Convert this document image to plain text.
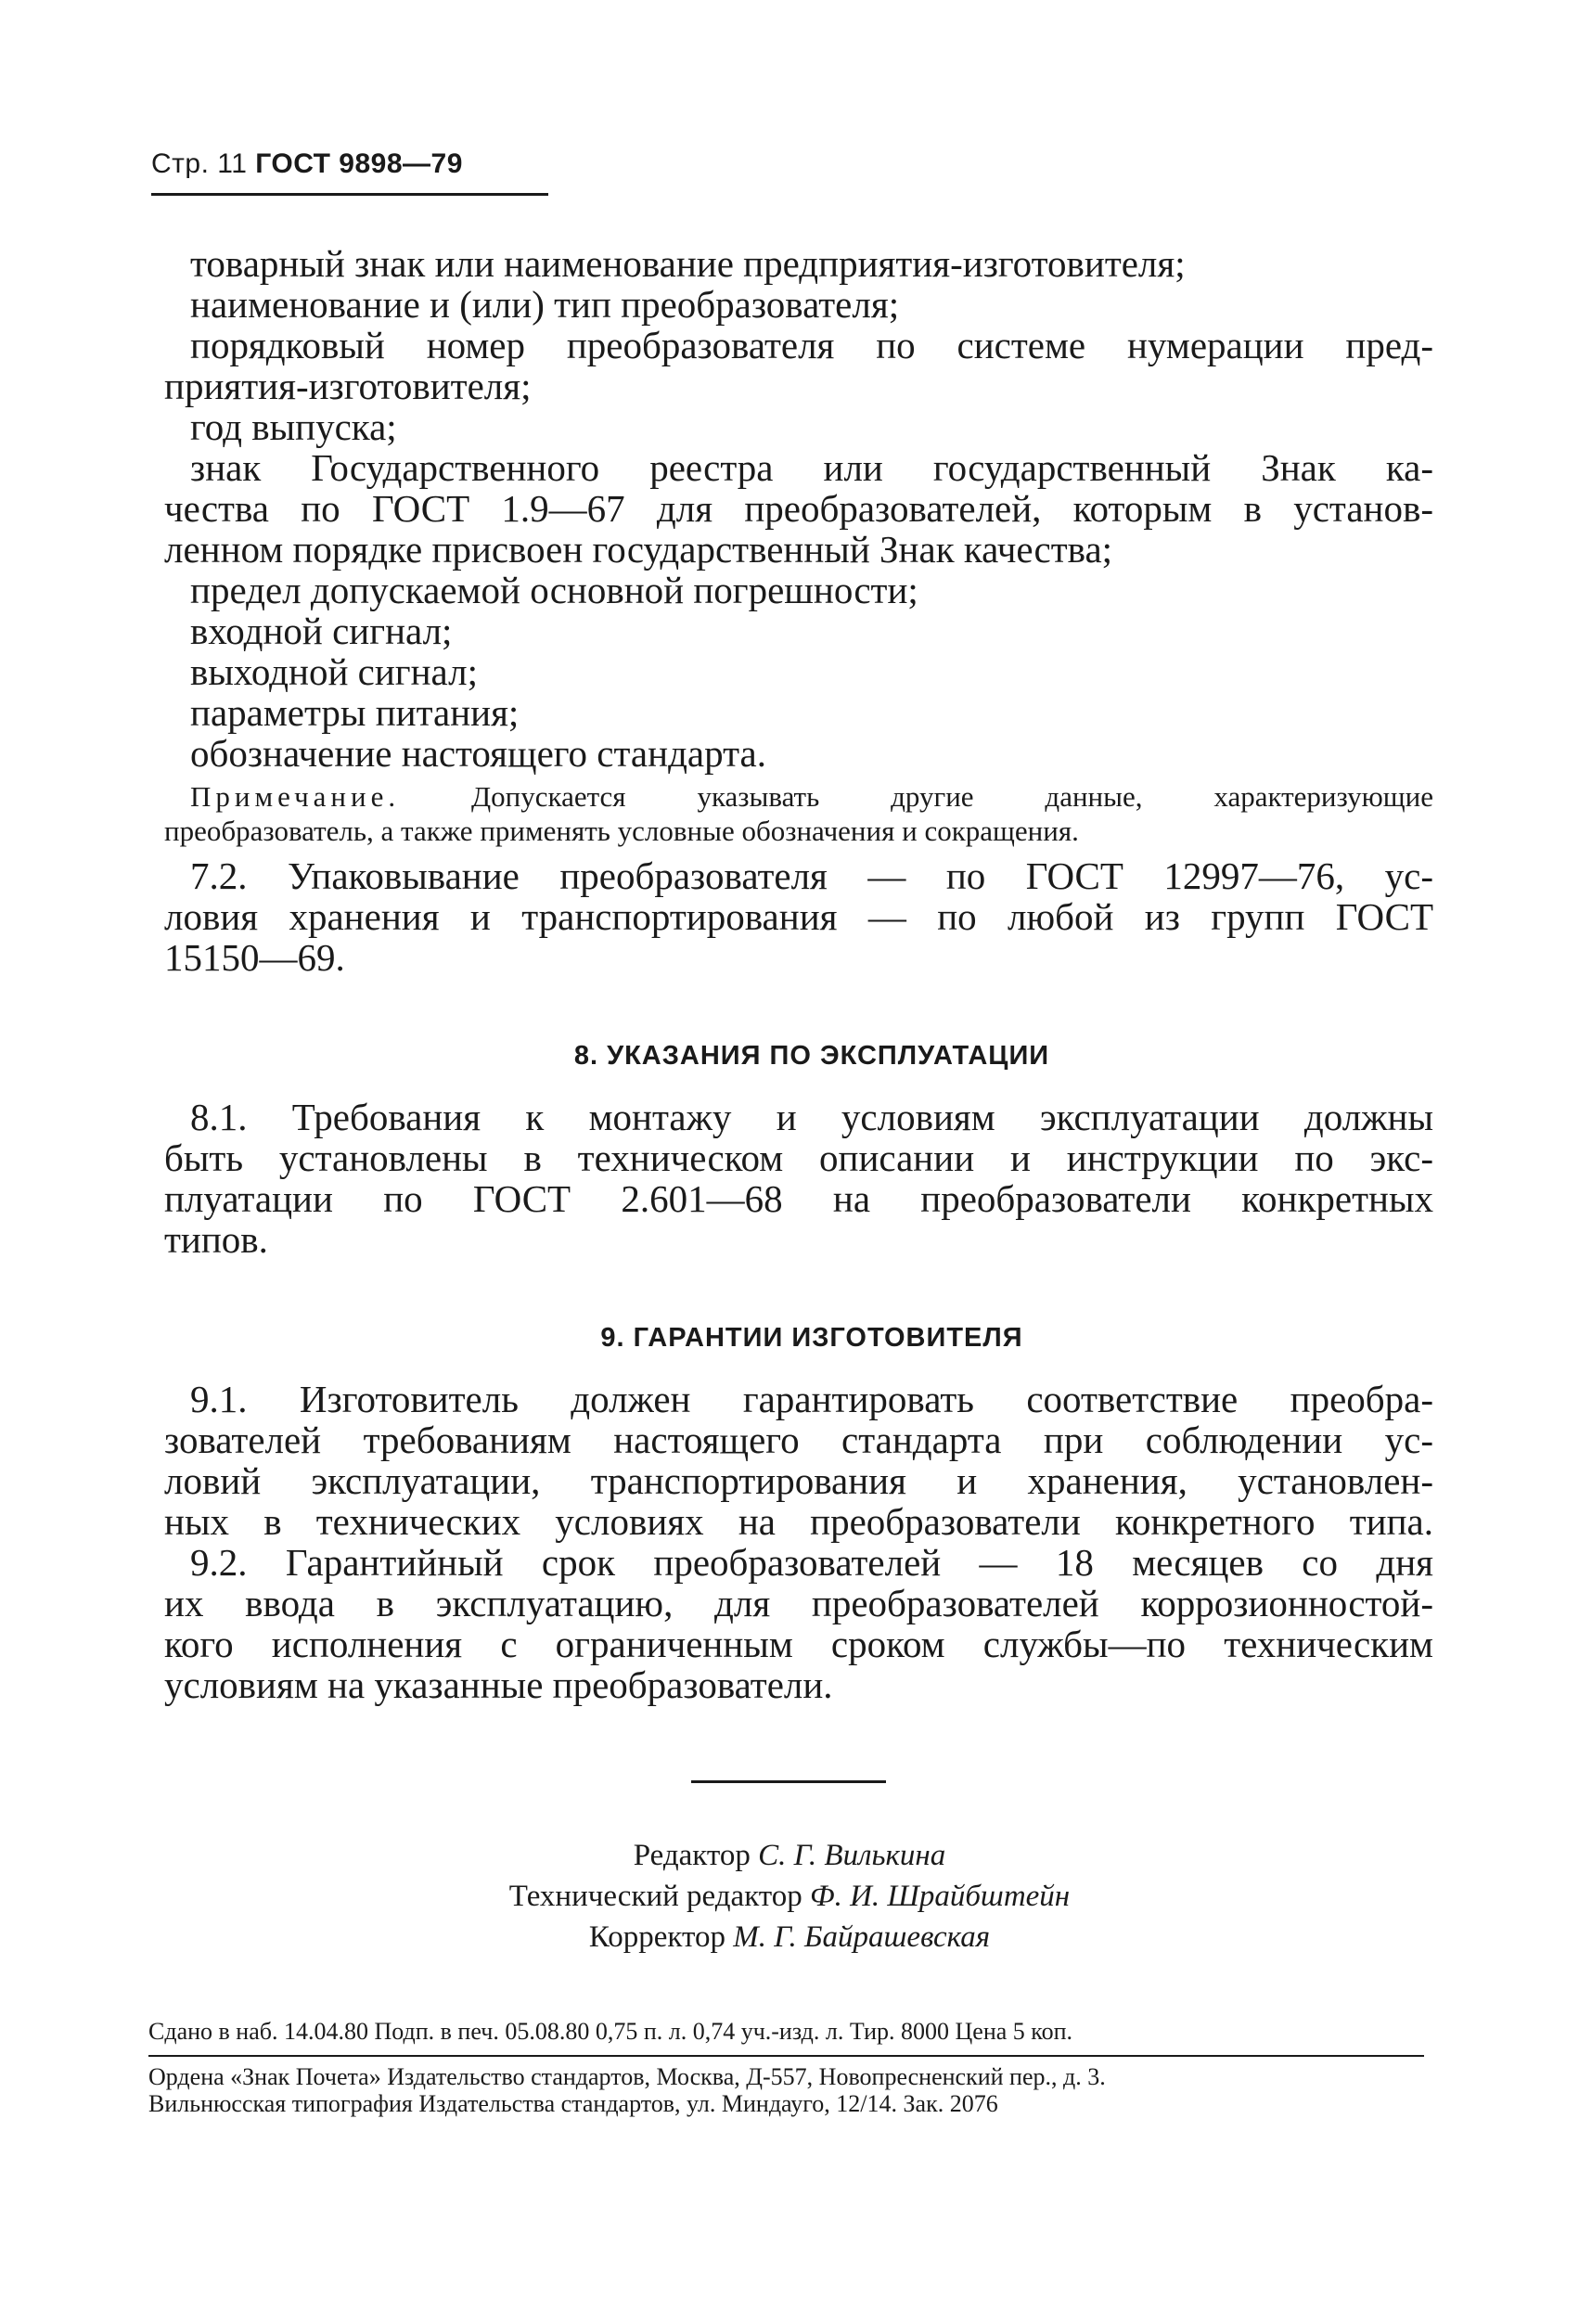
Стр. 11 ГОСТ 9898—79

товарный знак или наименование предприятия-изготовителя;

наименование и (или) тип преобразователя;

порядковый номер преобразователя по системе нумерации пред-

приятия-изготовителя;

год выпуска;

знак Государственного реестра или государственный Знак ка-

чества по ГОСТ 1.9—67 для преобразователей, которым в установ-

ленном порядке присвоен государственный Знак качества;

предел допускаемой основной погрешности;

входной сигнал;

выходной сигнал;

параметры питания;

обозначение настоящего стандарта.

Примечание. Допускается указывать другие данные, характеризующие
преобразователь, а также применять условные обозначения и сокращения.

7.2. Упаковывание преобразователя — по ГОСТ 12997—76, ус-

ловия хранения и транспортирования — по любой из групп ГОСТ

15150—69.

8. УКАЗАНИЯ ПО ЭКСПЛУАТАЦИИ

8.1. Требования к монтажу и условиям эксплуатации должны

быть установлены в техническом описании и инструкции по экс-

плуатации по ГОСТ 2.601—68 на преобразователи конкретных

типов.

9. ГАРАНТИИ ИЗГОТОВИТЕЛЯ

9.1. Изготовитель должен гарантировать соответствие преобра-

зователей требованиям настоящего стандарта при соблюдении ус-

ловий эксплуатации, транспортирования и хранения, установлен-

ных в технических условиях на преобразователи конкретного типа.

9.2. Гарантийный срок преобразователей — 18 месяцев со дня

их ввода в эксплуатацию, для преобразователей коррозионностой-

кого исполнения с ограниченным сроком службы—по техническим

условиям на указанные преобразователи.

Редактор С. Г. Вилькина
Технический редактор Ф. И. Шрайбштейн
Корректор М. Г. Байрашевская
Сдано в наб. 14.04.80 Подп. в печ. 05.08.80 0,75 п. л. 0,74 уч.-изд. л. Тир. 8000 Цена 5 коп.
Ордена «Знак Почета» Издательство стандартов, Москва, Д-557, Новопресненский пер., д. 3.
Вильнюсская типография Издательства стандартов, ул. Миндауго, 12/14. Зак. 2076
